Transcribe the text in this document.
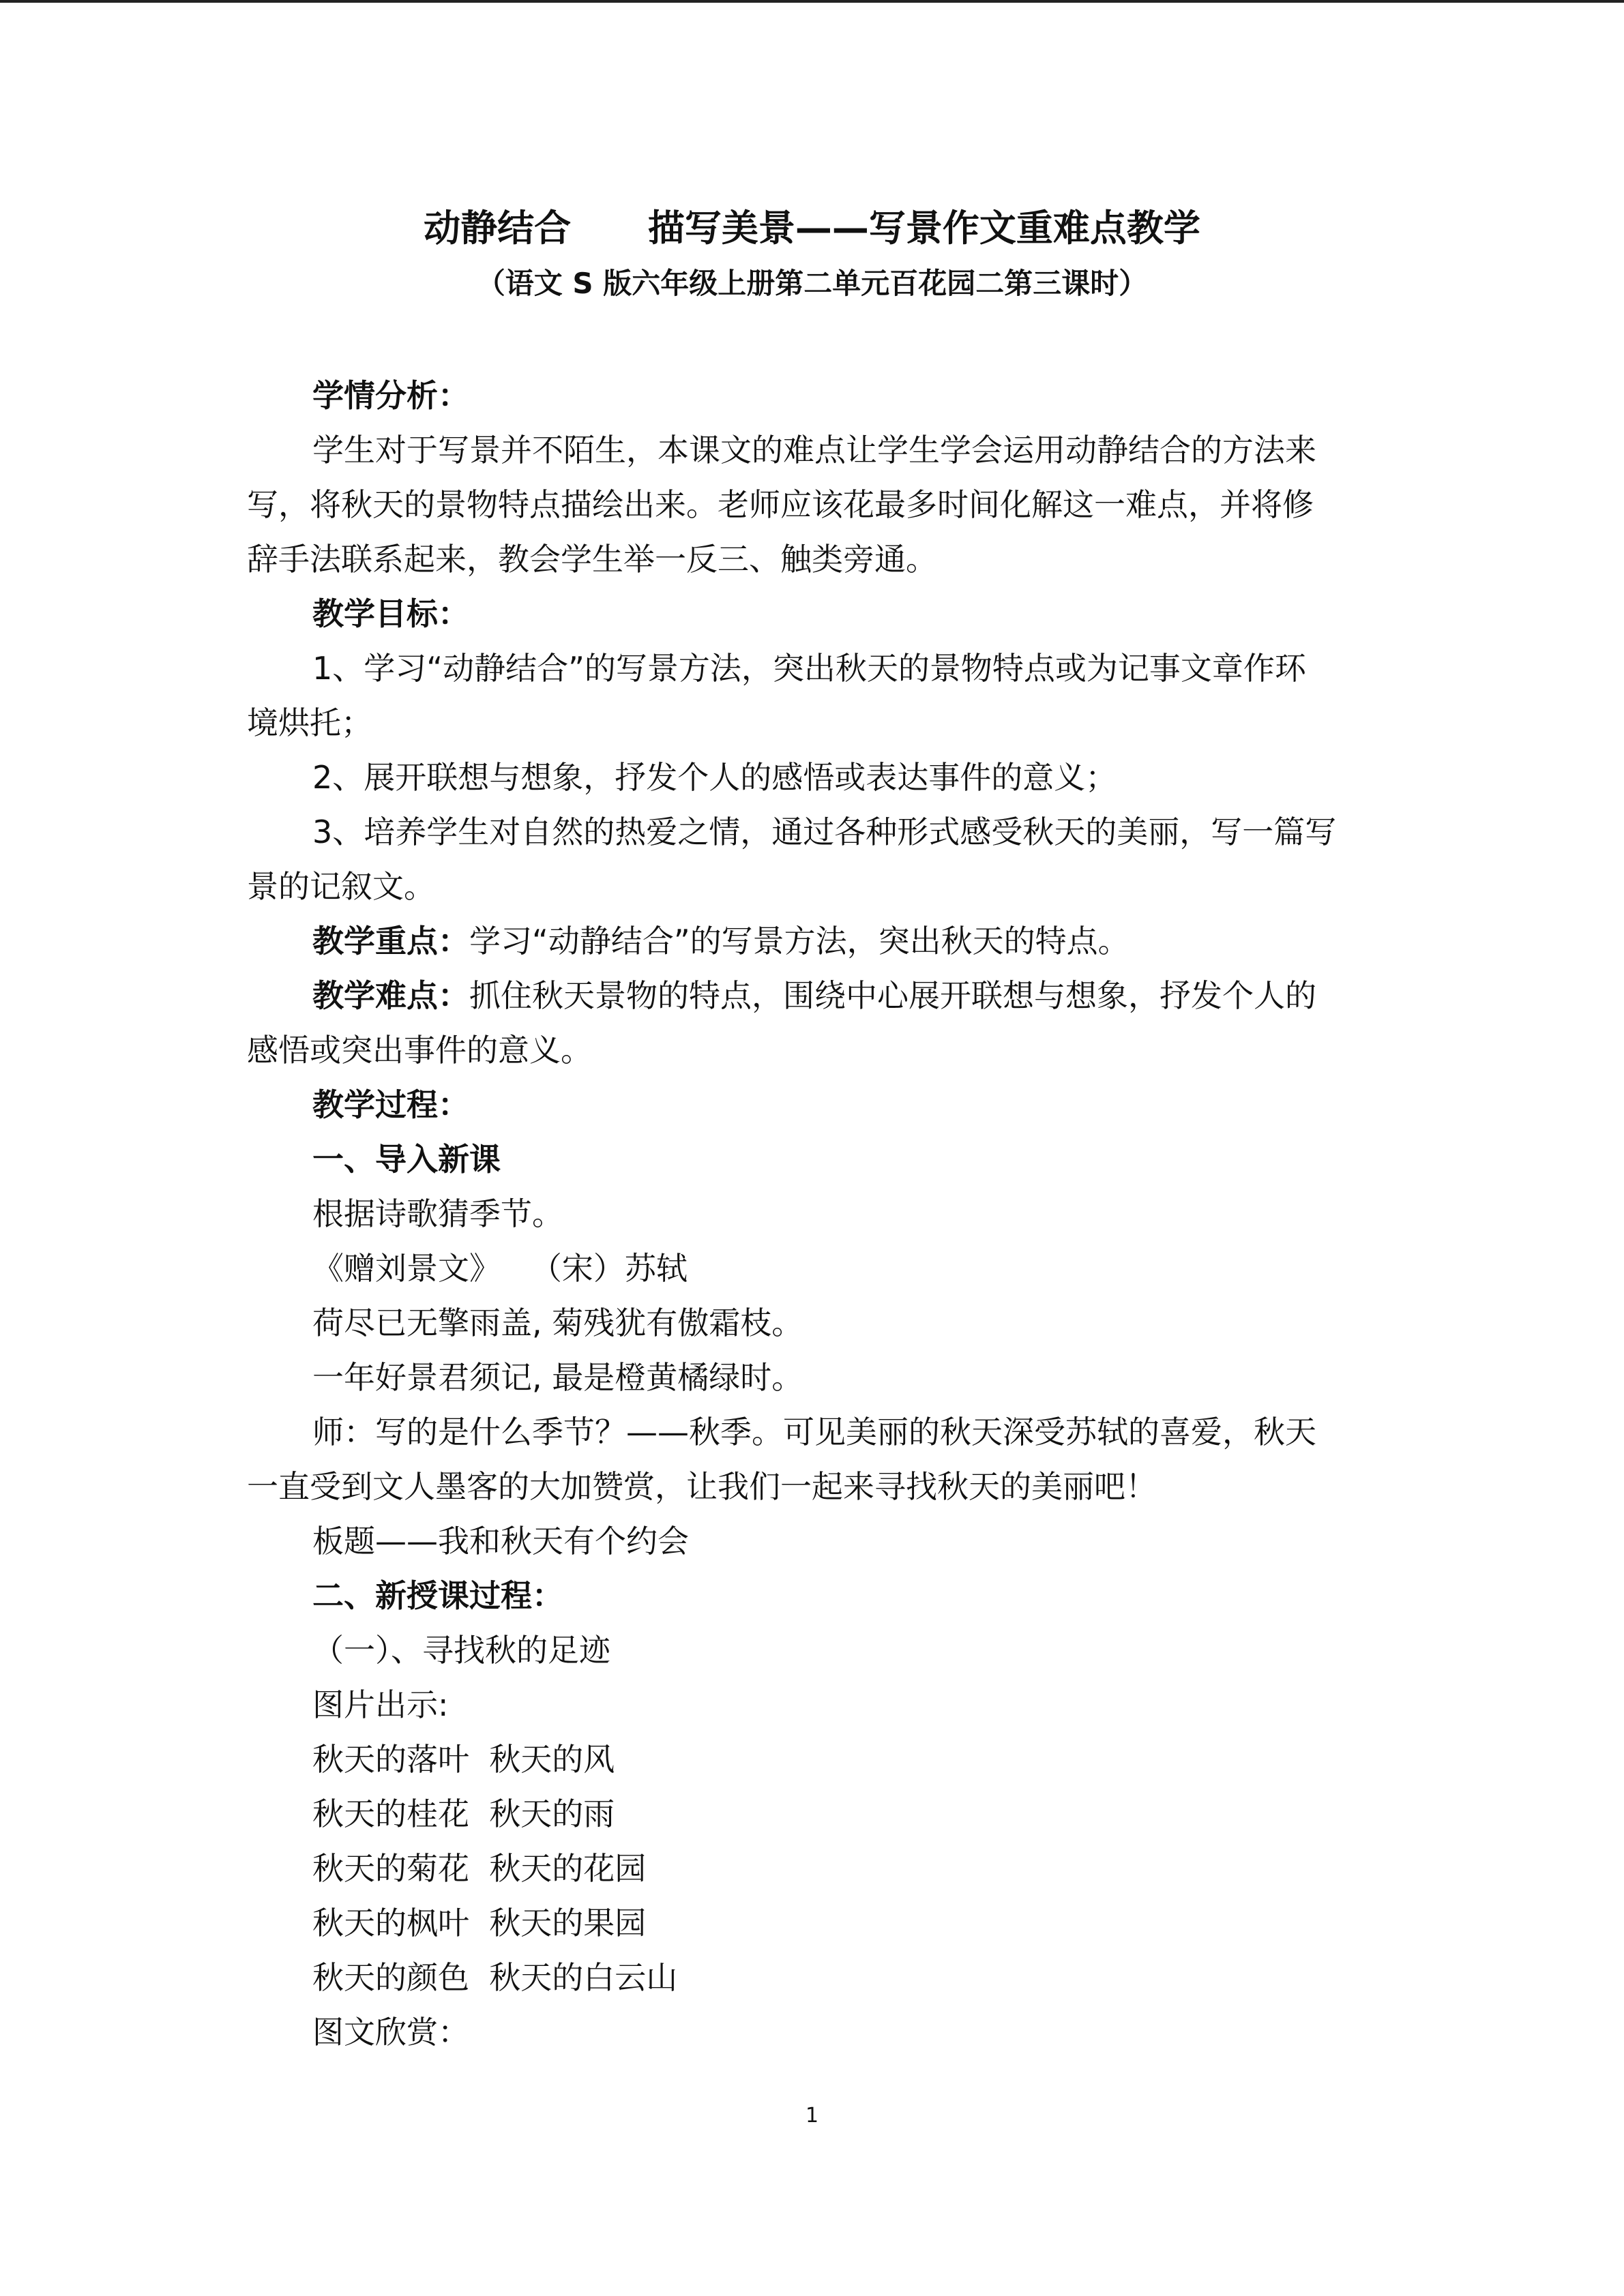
动静结合      描写美景——写景作文重难点教学
（语文 S 版六年级上册第二单元百花园二第三课时）
学情分析：
学生对于写景并不陌生，本课文的难点让学生学会运用动静结合的方法来
写，将秋天的景物特点描绘出来。老师应该花最多时间化解这一难点，并将修
辞手法联系起来，教会学生举一反三、触类旁通。
教学目标：
1、学习“动静结合”的写景方法，突出秋天的景物特点或为记事文章作环
境烘托；
2、展开联想与想象，抒发个人的感悟或表达事件的意义；
3、培养学生对自然的热爱之情，通过各种形式感受秋天的美丽，写一篇写
景的记叙文。
教学重点：学习“动静结合”的写景方法，突出秋天的特点。
教学难点：抓住秋天景物的特点，围绕中心展开联想与想象，抒发个人的
感悟或突出事件的意义。
教学过程：
一、导入新课
根据诗歌猜季节。
《赠刘景文》   （宋）苏轼
荷尽已无擎雨盖, 菊残犹有傲霜枝。
一年好景君须记, 最是橙黄橘绿时。
师：写的是什么季节？——秋季。可见美丽的秋天深受苏轼的喜爱，秋天
一直受到文人墨客的大加赞赏，让我们一起来寻找秋天的美丽吧！
板题——我和秋天有个约会
二、新授课过程：
（一）、寻找秋的足迹
图片出示:
秋天的落叶  秋天的风
秋天的桂花  秋天的雨
秋天的菊花  秋天的花园
秋天的枫叶  秋天的果园
秋天的颜色  秋天的白云山
图文欣赏：
1
